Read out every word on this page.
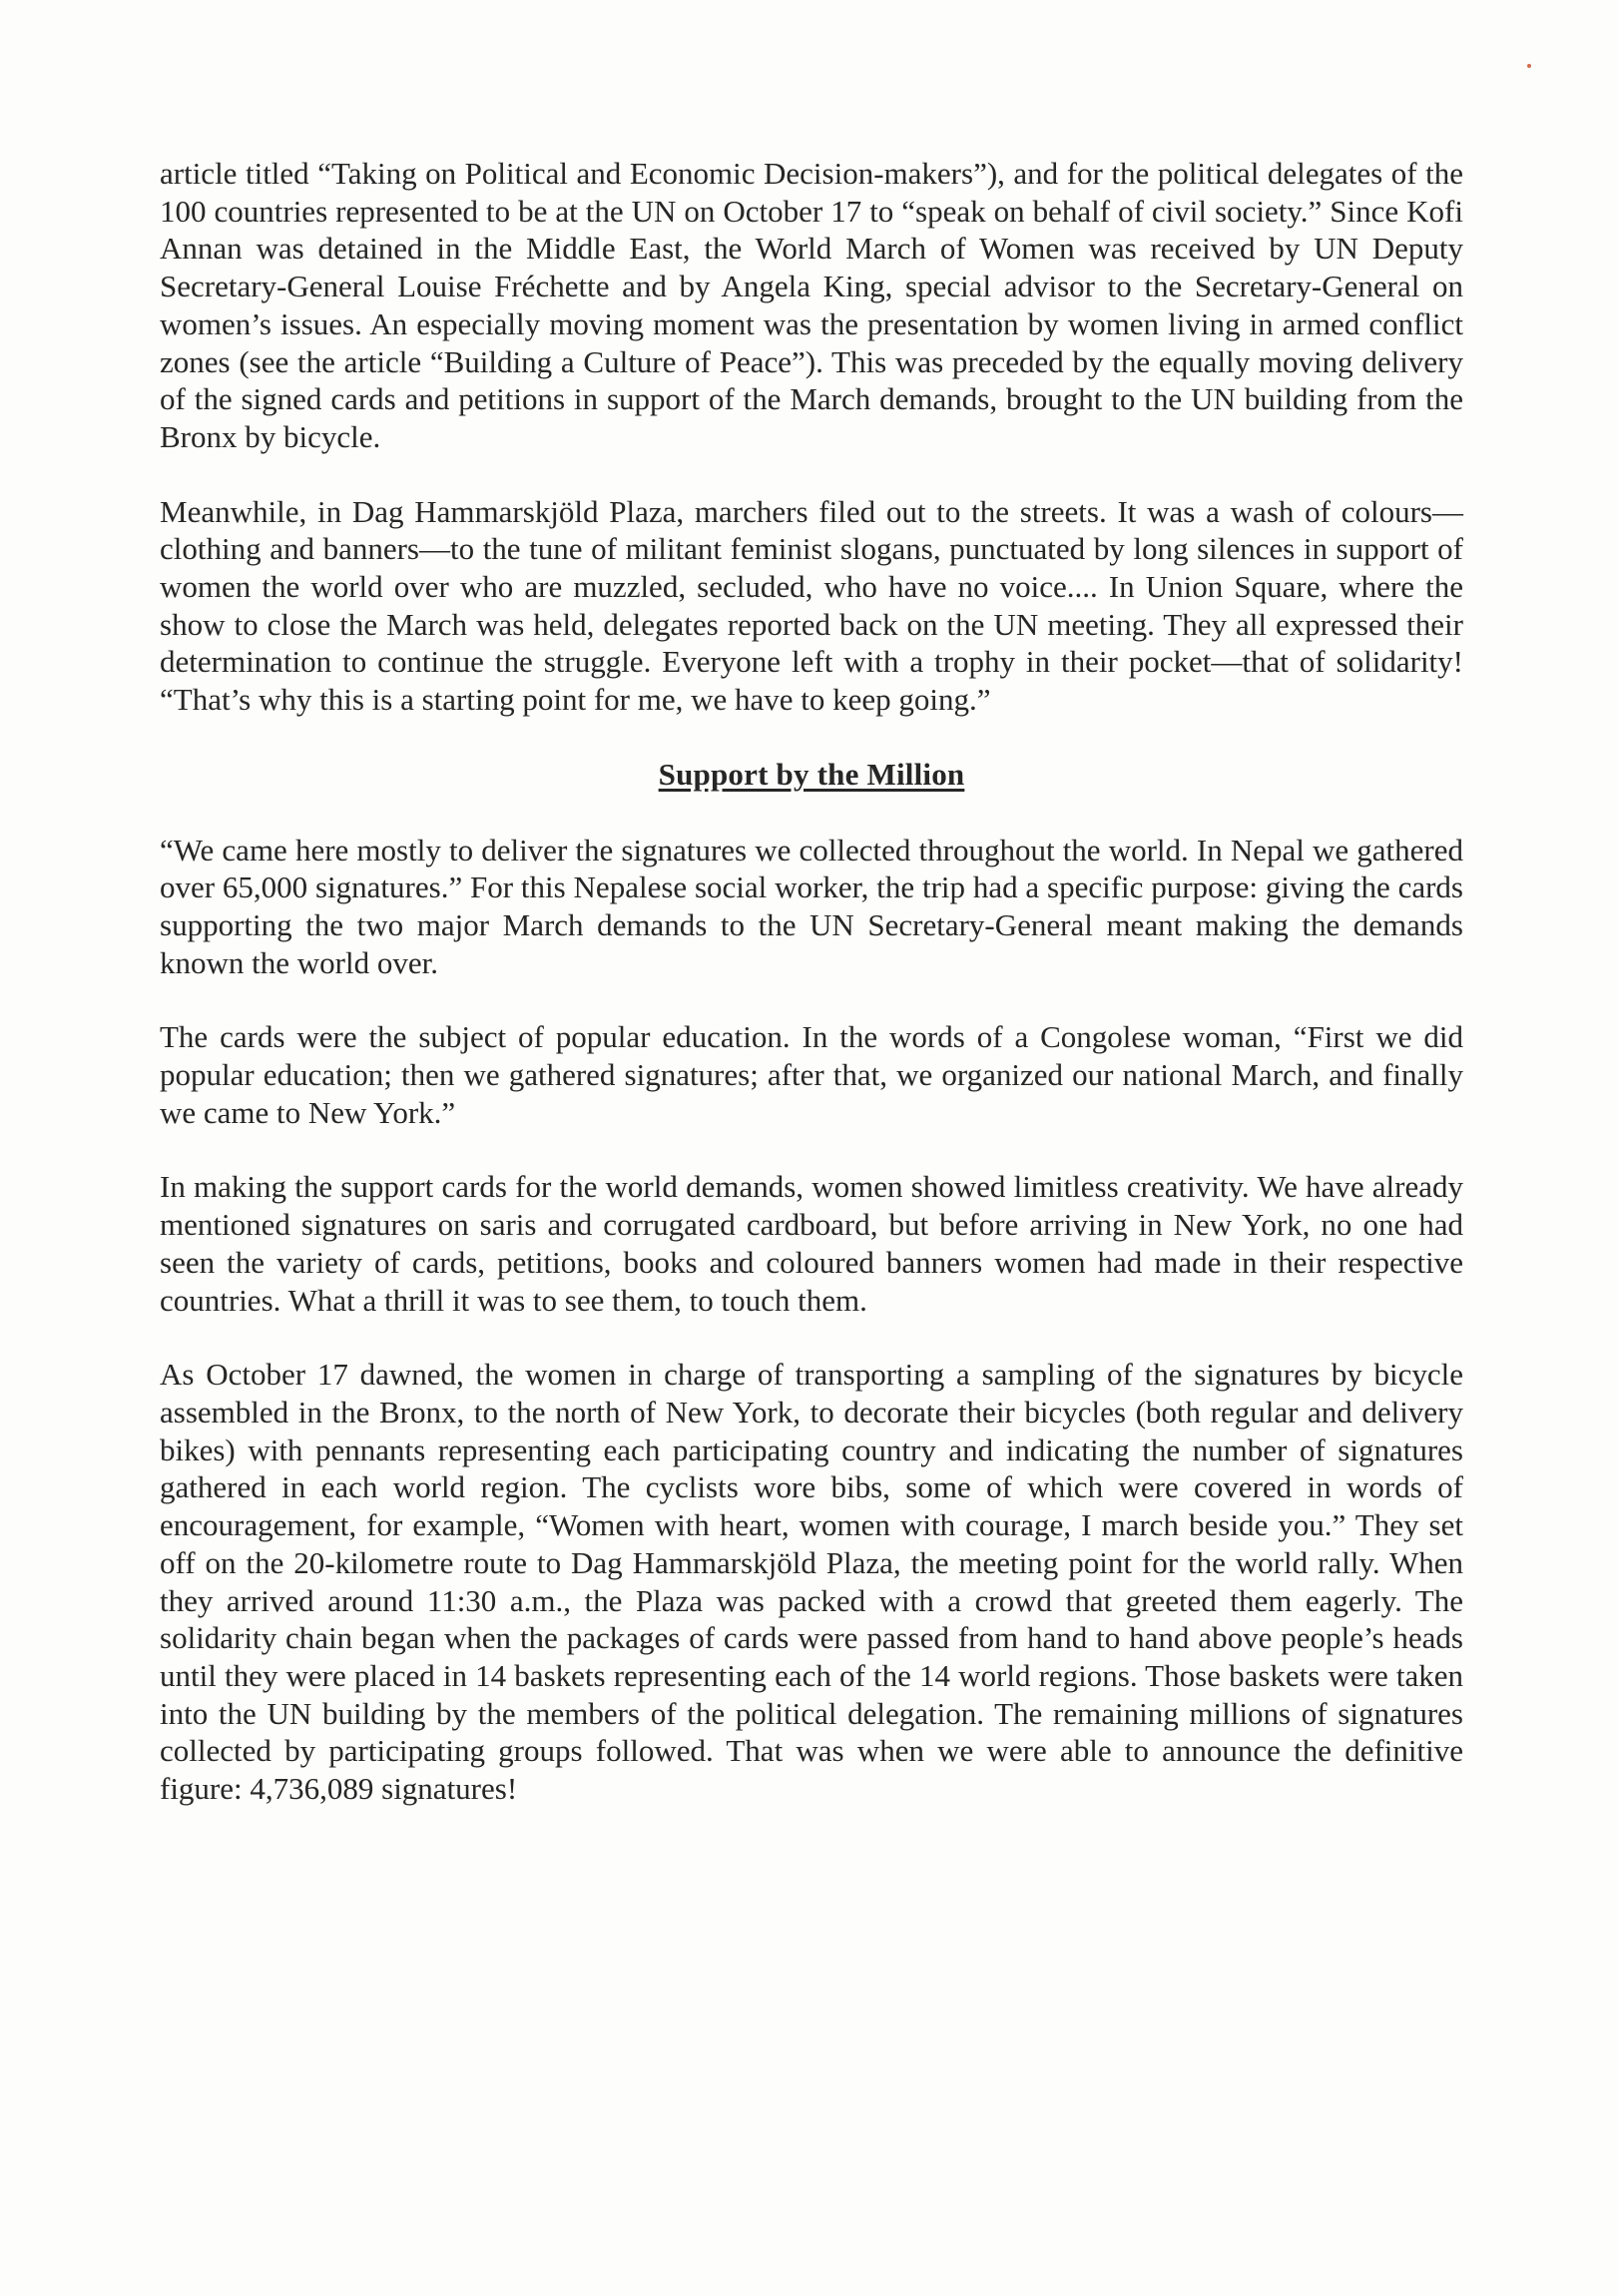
article titled “Taking on Political and Economic Decision-makers”), and for the political delegates of the 100 countries represented to be at the UN on October 17 to “speak on behalf of civil society.” Since Kofi Annan was detained in the Middle East, the World March of Women was received by UN Deputy Secretary-General Louise Fréchette and by Angela King, special advisor to the Secretary-General on women’s issues. An especially moving moment was the presentation by women living in armed conflict zones (see the article “Building a Culture of Peace”). This was preceded by the equally moving delivery of the signed cards and petitions in support of the March demands, brought to the UN building from the Bronx by bicycle.

Meanwhile, in Dag Hammarskjöld Plaza, marchers filed out to the streets. It was a wash of colours—clothing and banners—to the tune of militant feminist slogans, punctuated by long silences in support of women the world over who are muzzled, secluded, who have no voice.... In Union Square, where the show to close the March was held, delegates reported back on the UN meeting. They all expressed their determination to continue the struggle. Everyone left with a trophy in their pocket—that of solidarity! “That’s why this is a starting point for me, we have to keep going.”

Support by the Million

“We came here mostly to deliver the signatures we collected throughout the world. In Nepal we gathered over 65,000 signatures.” For this Nepalese social worker, the trip had a specific purpose: giving the cards supporting the two major March demands to the UN Secretary-General meant making the demands known the world over.

The cards were the subject of popular education. In the words of a Congolese woman, “First we did popular education; then we gathered signatures; after that, we organized our national March, and finally we came to New York.”

In making the support cards for the world demands, women showed limitless creativity. We have already mentioned signatures on saris and corrugated cardboard, but before arriving in New York, no one had seen the variety of cards, petitions, books and coloured banners women had made in their respective countries. What a thrill it was to see them, to touch them.

As October 17 dawned, the women in charge of transporting a sampling of the signatures by bicycle assembled in the Bronx, to the north of New York, to decorate their bicycles (both regular and delivery bikes) with pennants representing each participating country and indicating the number of signatures gathered in each world region. The cyclists wore bibs, some of which were covered in words of encouragement, for example, “Women with heart, women with courage, I march beside you.” They set off on the 20-kilometre route to Dag Hammarskjöld Plaza, the meeting point for the world rally. When they arrived around 11:30 a.m., the Plaza was packed with a crowd that greeted them eagerly. The solidarity chain began when the packages of cards were passed from hand to hand above people’s heads until they were placed in 14 baskets representing each of the 14 world regions. Those baskets were taken into the UN building by the members of the political delegation. The remaining millions of signatures collected by participating groups followed. That was when we were able to announce the definitive figure: 4,736,089 signatures!
